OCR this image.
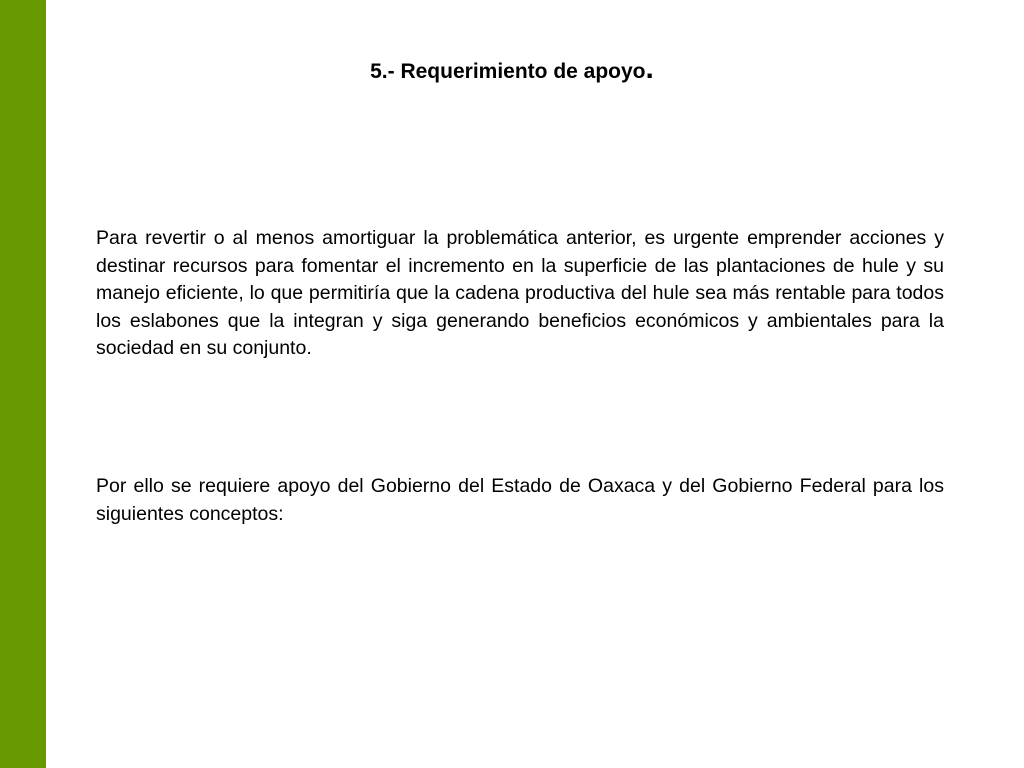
5.- Requerimiento de apoyo.

Para revertir o al menos amortiguar la problemática anterior, es urgente emprender acciones y destinar recursos para fomentar el incremento en la superficie de las plantaciones de hule y su manejo eficiente, lo que permitiría que la cadena productiva del hule sea más rentable para todos los eslabones que la integran y siga generando beneficios económicos y ambientales para la sociedad en su conjunto.

Por ello se requiere apoyo del Gobierno del Estado de Oaxaca y del Gobierno Federal para los siguientes conceptos:
